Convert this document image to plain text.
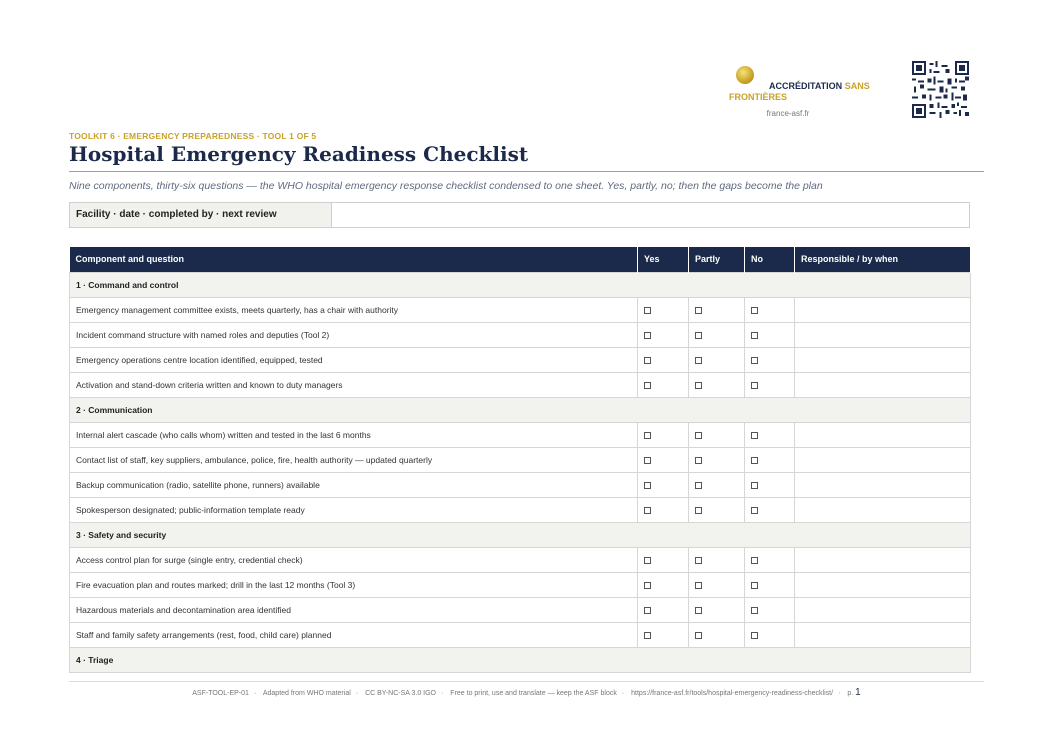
ACCRÉDITATION SANS FRONTIÈRES
france-asf.fr
TOOLKIT 6 · EMERGENCY PREPAREDNESS · TOOL 1 OF 5
Hospital Emergency Readiness Checklist
Nine components, thirty-six questions — the WHO hospital emergency response checklist condensed to one sheet. Yes, partly, no; then the gaps become the plan
Facility · date · completed by · next review
Component and question	Yes	Partly	No	Responsible / by when
1 · Command and control				
Emergency management committee exists, meets quarterly, has a chair with authority				
Incident command structure with named roles and deputies (Tool 2)				
Emergency operations centre location identified, equipped, tested				
Activation and stand-down criteria written and known to duty managers				
2 · Communication				
Internal alert cascade (who calls whom) written and tested in the last 6 months				
Contact list of staff, key suppliers, ambulance, police, fire, health authority — updated quarterly				
Backup communication (radio, satellite phone, runners) available				
Spokesperson designated; public-information template ready				
3 · Safety and security				
Access control plan for surge (single entry, credential check)				
Fire evacuation plan and routes marked; drill in the last 12 months (Tool 3)				
Hazardous materials and decontamination area identified				
Staff and family safety arrangements (rest, food, child care) planned				
4 · Triage				
ASF-TOOL-EP-01 · Adapted from WHO material · CC BY-NC-SA 3.0 IGO · Free to print, use and translate — keep the ASF block · https://france-asf.fr/tools/hospital-emergency-readiness-checklist/ · p. 1
